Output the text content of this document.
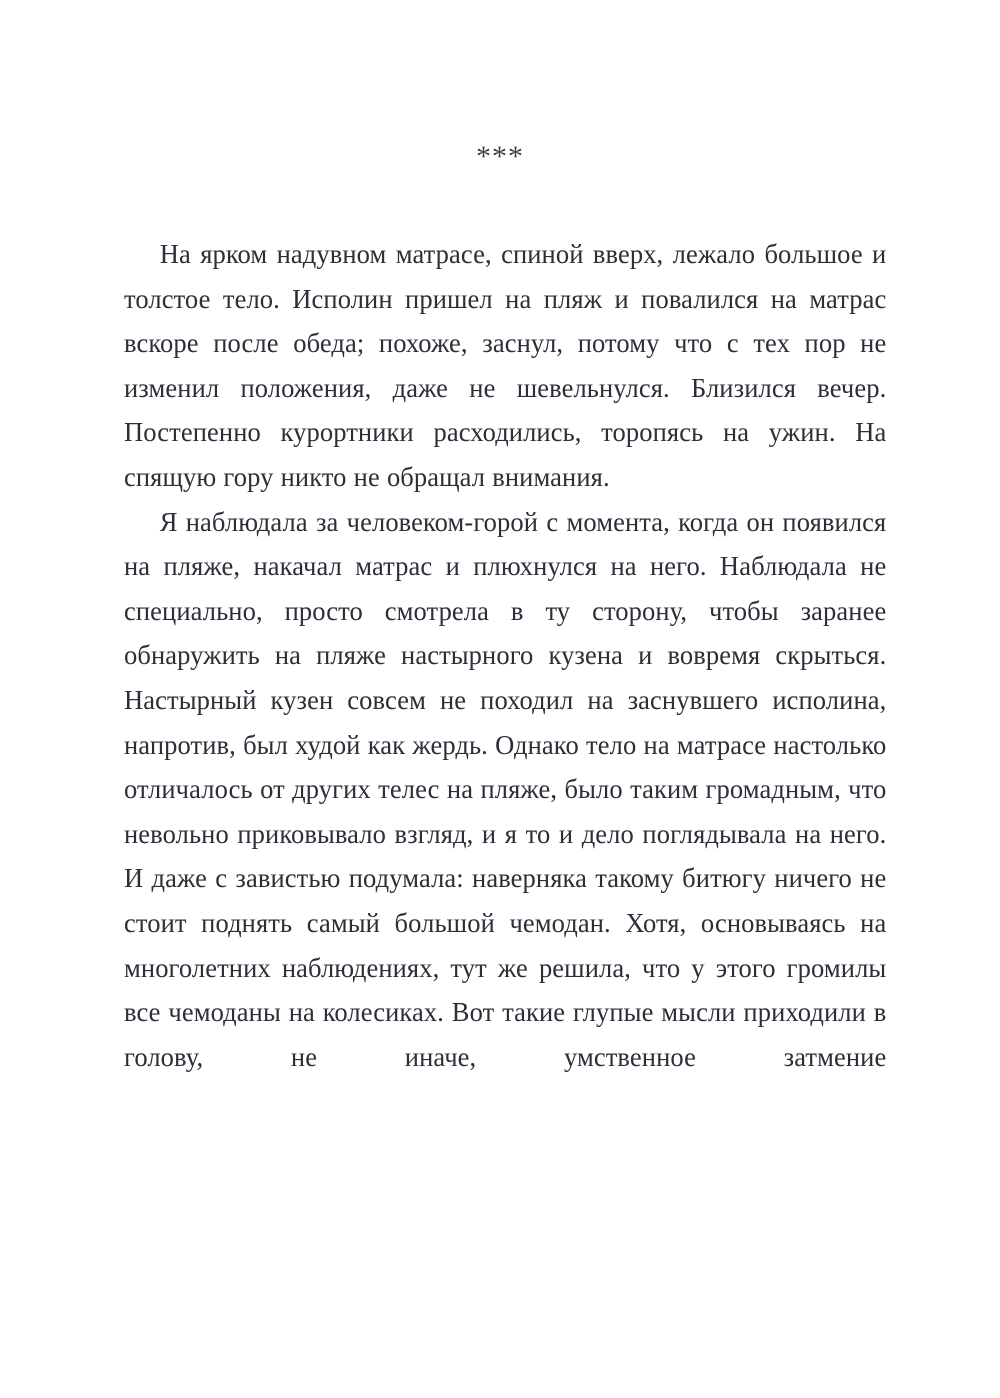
***

На ярком надувном матрасе, спиной вверх, лежало большое и толстое тело. Исполин пришел на пляж и повалился на матрас вскоре после обеда; похоже, заснул, потому что с тех пор не изменил положения, даже не шевельнулся. Близился вечер. Постепенно курортники расходились, торопясь на ужин. На спящую гору никто не обращал внимания.

Я наблюдала за человеком-горой с момента, когда он появился на пляже, накачал матрас и плюхнулся на него. Наблюдала не специально, просто смотрела в ту сторону, чтобы заранее обнаружить на пляже настырного кузена и вовремя скрыться. Настырный кузен совсем не походил на заснувшего исполина, напротив, был худой как жердь. Однако тело на матрасе настолько отличалось от других телес на пляже, было таким громадным, что невольно приковывало взгляд, и я то и дело поглядывала на него. И даже с завистью подумала: наверняка такому битюгу ничего не стоит поднять самый большой чемодан. Хотя, основываясь на многолетних наблюдениях, тут же решила, что у этого громилы все чемоданы на колесиках. Вот такие глупые мысли приходили в голову, не иначе, умственное затмение
